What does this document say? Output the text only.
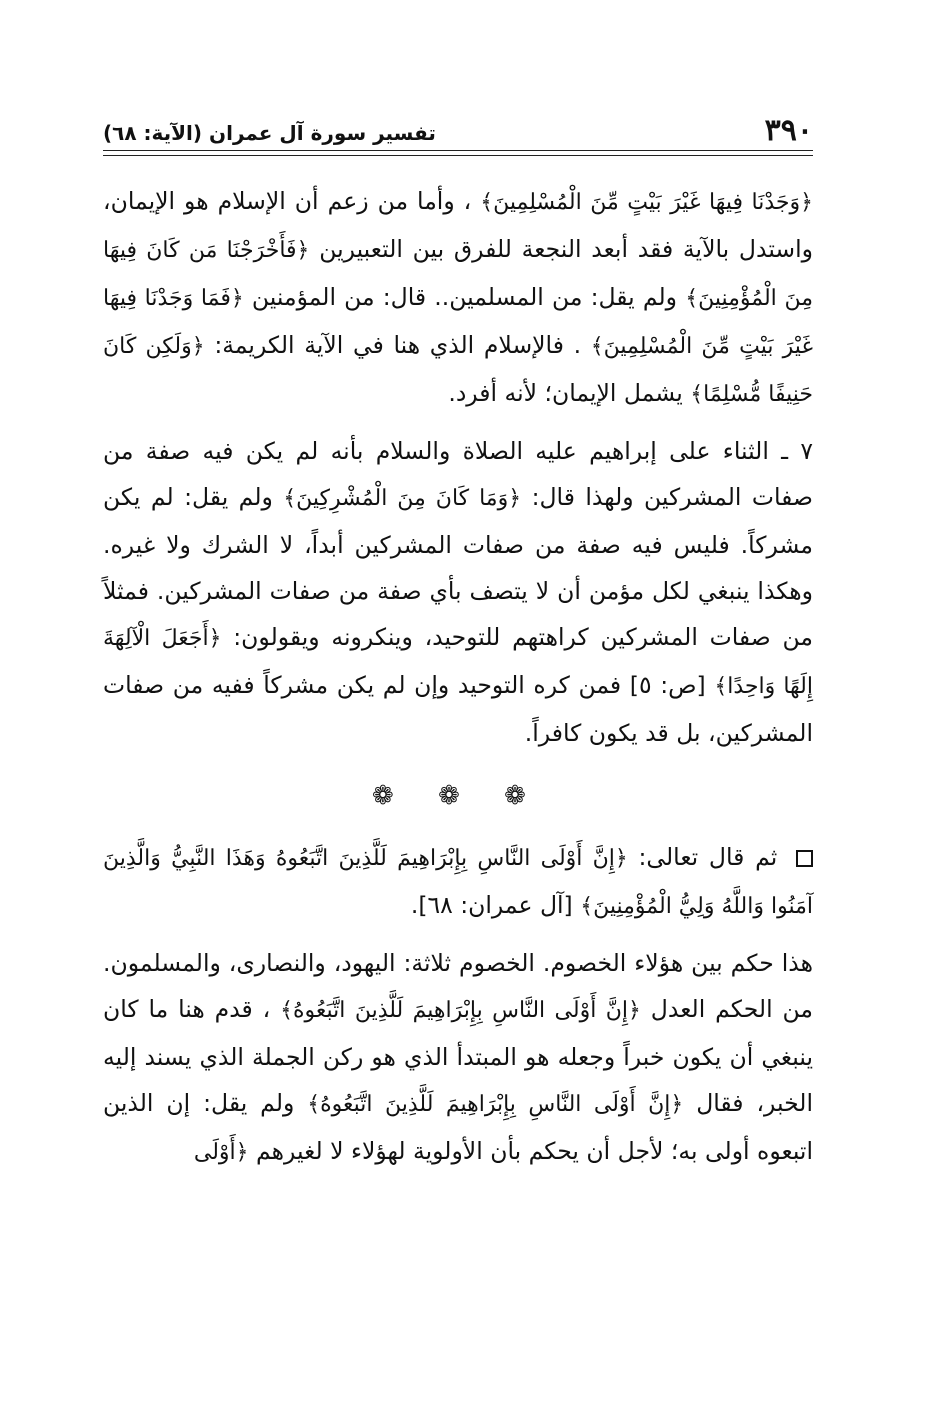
٣٩٠
تفسير سورة آل عمران (الآية: ٦٨)

﴿وَجَدْنَا فِيهَا غَيْرَ بَيْتٍ مِّنَ الْمُسْلِمِينَ﴾ ، وأما من زعم أن الإسلام هو الإيمان، واستدل بالآية فقد أبعد النجعة للفرق بين التعبيرين ﴿فَأَخْرَجْنَا مَن كَانَ فِيهَا مِنَ الْمُؤْمِنِينَ﴾ ولم يقل: من المسلمين.. قال: من المؤمنين ﴿فَمَا وَجَدْنَا فِيهَا غَيْرَ بَيْتٍ مِّنَ الْمُسْلِمِينَ﴾ . فالإسلام الذي هنا في الآية الكريمة: ﴿وَلَكِن كَانَ حَنِيفًا مُّسْلِمًا﴾ يشمل الإيمان؛ لأنه أفرد.

٧ ـ الثناء على إبراهيم عليه الصلاة والسلام بأنه لم يكن فيه صفة من صفات المشركين ولهذا قال: ﴿وَمَا كَانَ مِنَ الْمُشْرِكِينَ﴾ ولم يقل: لم يكن مشركاً. فليس فيه صفة من صفات المشركين أبداً، لا الشرك ولا غيره. وهكذا ينبغي لكل مؤمن أن لا يتصف بأي صفة من صفات المشركين. فمثلاً من صفات المشركين كراهتهم للتوحيد، وينكرونه ويقولون: ﴿أَجَعَلَ الْآلِهَةَ إِلَهًا وَاحِدًا﴾ [ص: ٥] فمن كره التوحيد وإن لم يكن مشركاً ففيه من صفات المشركين، بل قد يكون كافراً.

❁ ❁ ❁

ثم قال تعالى: ﴿إِنَّ أَوْلَى النَّاسِ بِإِبْرَاهِيمَ لَلَّذِينَ اتَّبَعُوهُ وَهَذَا النَّبِيُّ وَالَّذِينَ آمَنُوا وَاللَّهُ وَلِيُّ الْمُؤْمِنِينَ﴾ [آل عمران: ٦٨].

هذا حكم بين هؤلاء الخصوم. الخصوم ثلاثة: اليهود، والنصارى، والمسلمون. من الحكم العدل ﴿إِنَّ أَوْلَى النَّاسِ بِإِبْرَاهِيمَ لَلَّذِينَ اتَّبَعُوهُ﴾ ، قدم هنا ما كان ينبغي أن يكون خبراً وجعله هو المبتدأ الذي هو ركن الجملة الذي يسند إليه الخبر، فقال ﴿إِنَّ أَوْلَى النَّاسِ بِإِبْرَاهِيمَ لَلَّذِينَ اتَّبَعُوهُ﴾ ولم يقل: إن الذين اتبعوه أولى به؛ لأجل أن يحكم بأن الأولوية لهؤلاء لا لغيرهم ﴿أَوْلَى
